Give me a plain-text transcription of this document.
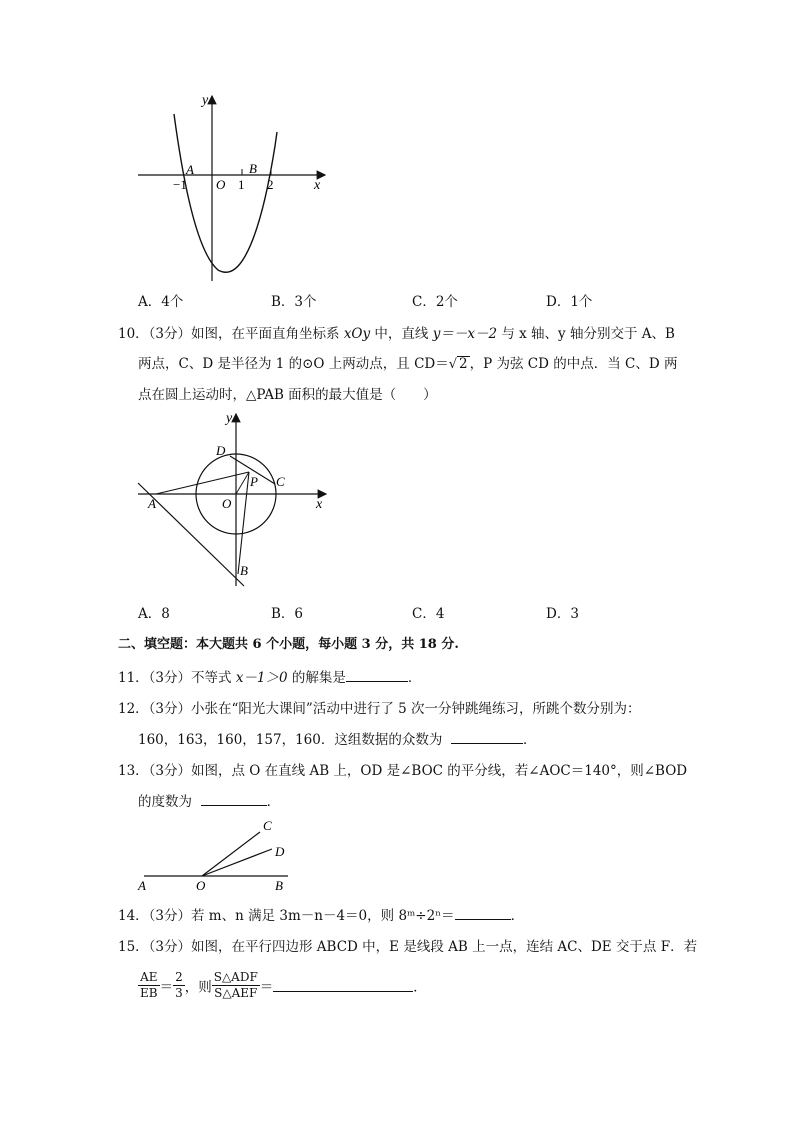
y
x
A	B
O
−1	1 2
A．4个	B．3个	C．2个	D．1个
10．（3分）如图，在平面直角坐标系 xOy 中，直线 y＝－x－2 与 x 轴、y 轴分别交于 A、B
两点，C、D 是半径为 1 的⊙O 上两动点，且 CD＝√ 2 ，P 为弦 CD 的中点．当 C、D 两
点在圆上运动时，△PAB 面积的最大值是（　　）
y
x
A
B
C
D
O
P
A．8	B．6	C．4	D．3
二、填空题：本大题共 6 个小题，每小题 3 分，共 18 分.
11．（3分）不等式 x－1＞0 的解集是	．
12．（3分）小张在“阳光大课间”活动中进行了 5 次一分钟跳绳练习，所跳个数分别为：
160，163，160，157，160．这组数据的众数为	．
13．（3分）如图，点 O 在直线 AB 上，OD 是∠BOC 的平分线，若∠AOC＝140°，则∠BOD
的度数为	．
A	O	B
C
D
14．（3分）若 m、n 满足 3m－n－4＝0，则 8ᵐ÷2ⁿ＝	．
15．（3分）如图，在平行四边形 ABCD 中，E 是线段 AB 上一点，连结 AC、DE 交于点 F．若
$\frac{AE}{EB} = \frac{2}{3}$ ，则 $\frac{\text{S△ADF}}{\text{S△AEF}}$ ＝	．
